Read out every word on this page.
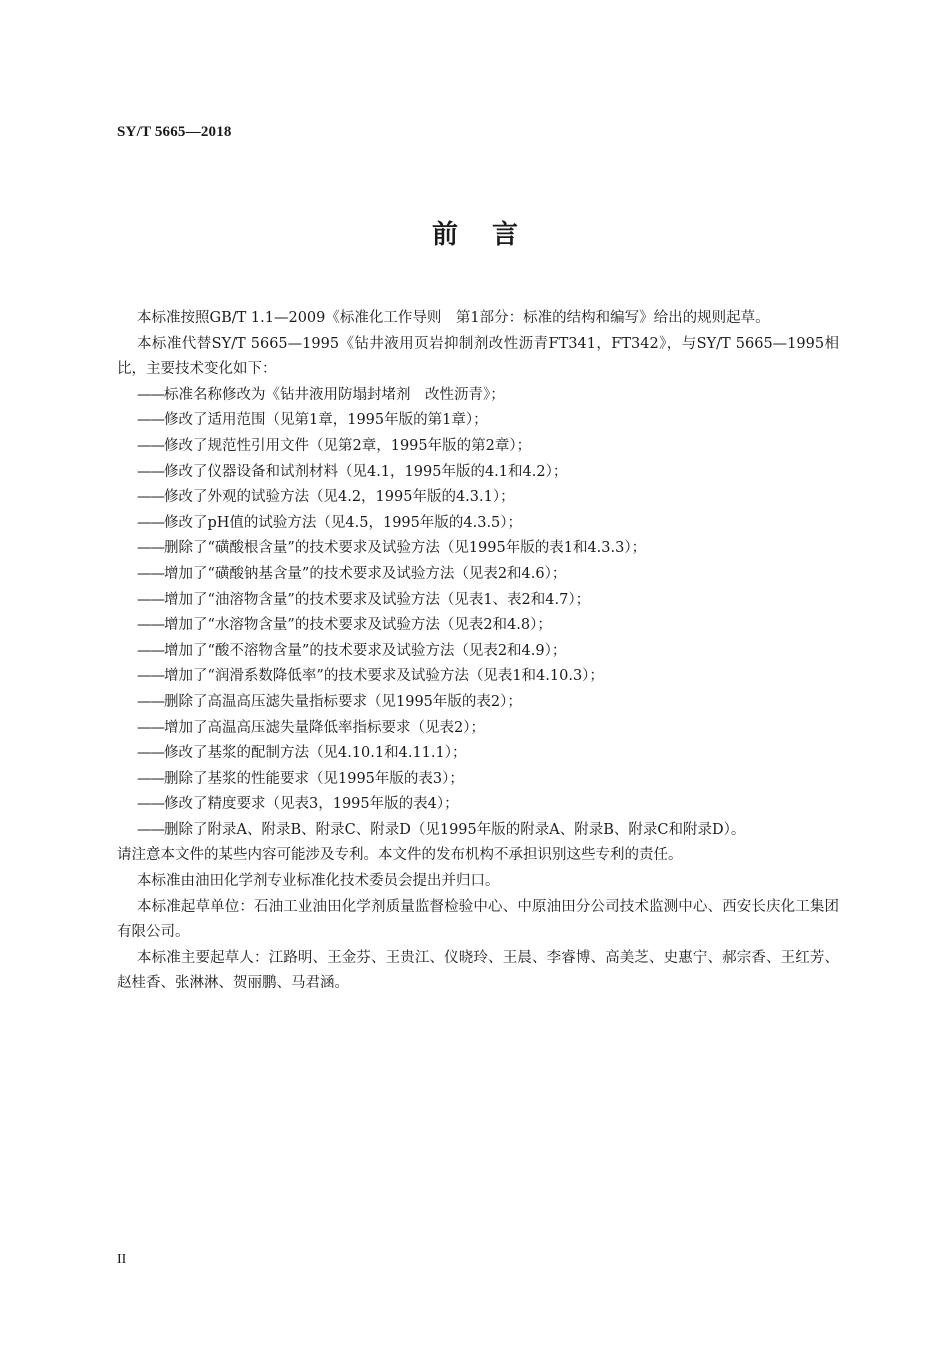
SY/T 5665—2018
前言

本标准按照GB/T 1.1—2009《标准化工作导则　第1部分：标准的结构和编写》给出的规则起草。

本标准代替SY/T 5665—1995《钻井液用页岩抑制剂改性沥青FT341，FT342》，与SY/T 5665—1995相比，主要技术变化如下：

——标准名称修改为《钻井液用防塌封堵剂　改性沥青》；

——修改了适用范围（见第1章，1995年版的第1章）；

——修改了规范性引用文件（见第2章，1995年版的第2章）；

——修改了仪器设备和试剂材料（见4.1，1995年版的4.1和4.2）；

——修改了外观的试验方法（见4.2，1995年版的4.3.1）；

——修改了pH值的试验方法（见4.5，1995年版的4.3.5）；

——删除了“磺酸根含量”的技术要求及试验方法（见1995年版的表1和4.3.3）；

——增加了“磺酸钠基含量”的技术要求及试验方法（见表2和4.6）；

——增加了“油溶物含量”的技术要求及试验方法（见表1、表2和4.7）；

——增加了“水溶物含量”的技术要求及试验方法（见表2和4.8）；

——增加了“酸不溶物含量”的技术要求及试验方法（见表2和4.9）；

——增加了“润滑系数降低率”的技术要求及试验方法（见表1和4.10.3）；

——删除了高温高压滤失量指标要求（见1995年版的表2）；

——增加了高温高压滤失量降低率指标要求（见表2）；

——修改了基浆的配制方法（见4.10.1和4.11.1）；

——删除了基浆的性能要求（见1995年版的表3）；

——修改了精度要求（见表3，1995年版的表4）；

——删除了附录A、附录B、附录C、附录D（见1995年版的附录A、附录B、附录C和附录D）。

请注意本文件的某些内容可能涉及专利。本文件的发布机构不承担识别这些专利的责任。

本标准由油田化学剂专业标准化技术委员会提出并归口。

本标准起草单位：石油工业油田化学剂质量监督检验中心、中原油田分公司技术监测中心、西安长庆化工集团有限公司。

本标准主要起草人：江路明、王金芬、王贵江、仪晓玲、王晨、李睿博、高美芝、史惠宁、郝宗香、王红芳、赵桂香、张淋淋、贺丽鹏、马君涵。

II
